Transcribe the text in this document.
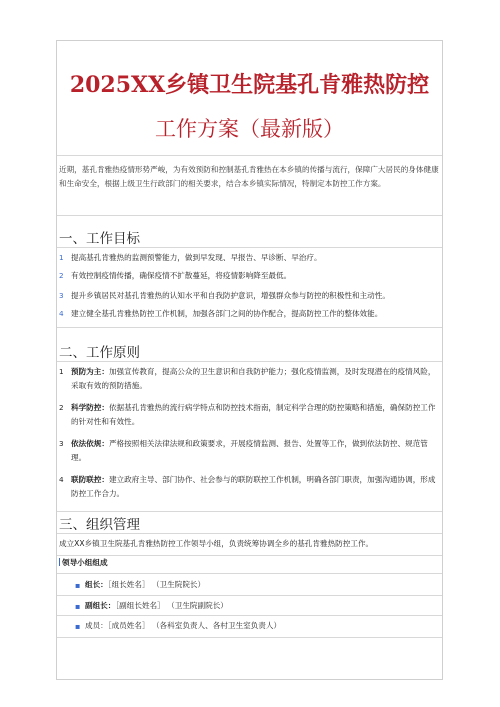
2025XX乡镇卫生院基孔肯雅热防控
工作方案（最新版）
近期，基孔肯雅热疫情形势严峻，为有效预防和控制基孔肯雅热在本乡镇的传播与流行，保障广大居民的身体健康和生命安全，根据上级卫生行政部门的相关要求，结合本乡镇实际情况，特制定本防控工作方案。
一、工作目标
1 提高基孔肯雅热的监测预警能力，做到早发现、早报告、早诊断、早治疗。
2 有效控制疫情传播，确保疫情不扩散蔓延，将疫情影响降至最低。
3 提升乡镇居民对基孔肯雅热的认知水平和自我防护意识，增强群众参与防控的积极性和主动性。
4 建立健全基孔肯雅热防控工作机制，加强各部门之间的协作配合，提高防控工作的整体效能。
二、工作原则
1 预防为主：加强宣传教育，提高公众的卫生意识和自我防护能力；强化疫情监测，及时发现潜在的疫情风险，采取有效的预防措施。
2 科学防控：依据基孔肯雅热的流行病学特点和防控技术指南，制定科学合理的防控策略和措施，确保防控工作的针对性和有效性。
3 依法依规：严格按照相关法律法规和政策要求，开展疫情监测、报告、处置等工作，做到依法防控、规范管理。
4 联防联控：建立政府主导、部门协作、社会参与的联防联控工作机制，明确各部门职责，加强沟通协调，形成防控工作合力。
三、组织管理
成立XX乡镇卫生院基孔肯雅热防控工作领导小组，负责统筹协调全乡的基孔肯雅热防控工作。
领导小组组成
▪ 组长：［组长姓名］ （卫生院院长）
▪ 副组长：［副组长姓名］ （卫生院副院长）
▪ 成员：［成员姓名］ （各科室负责人、各村卫生室负责人）
